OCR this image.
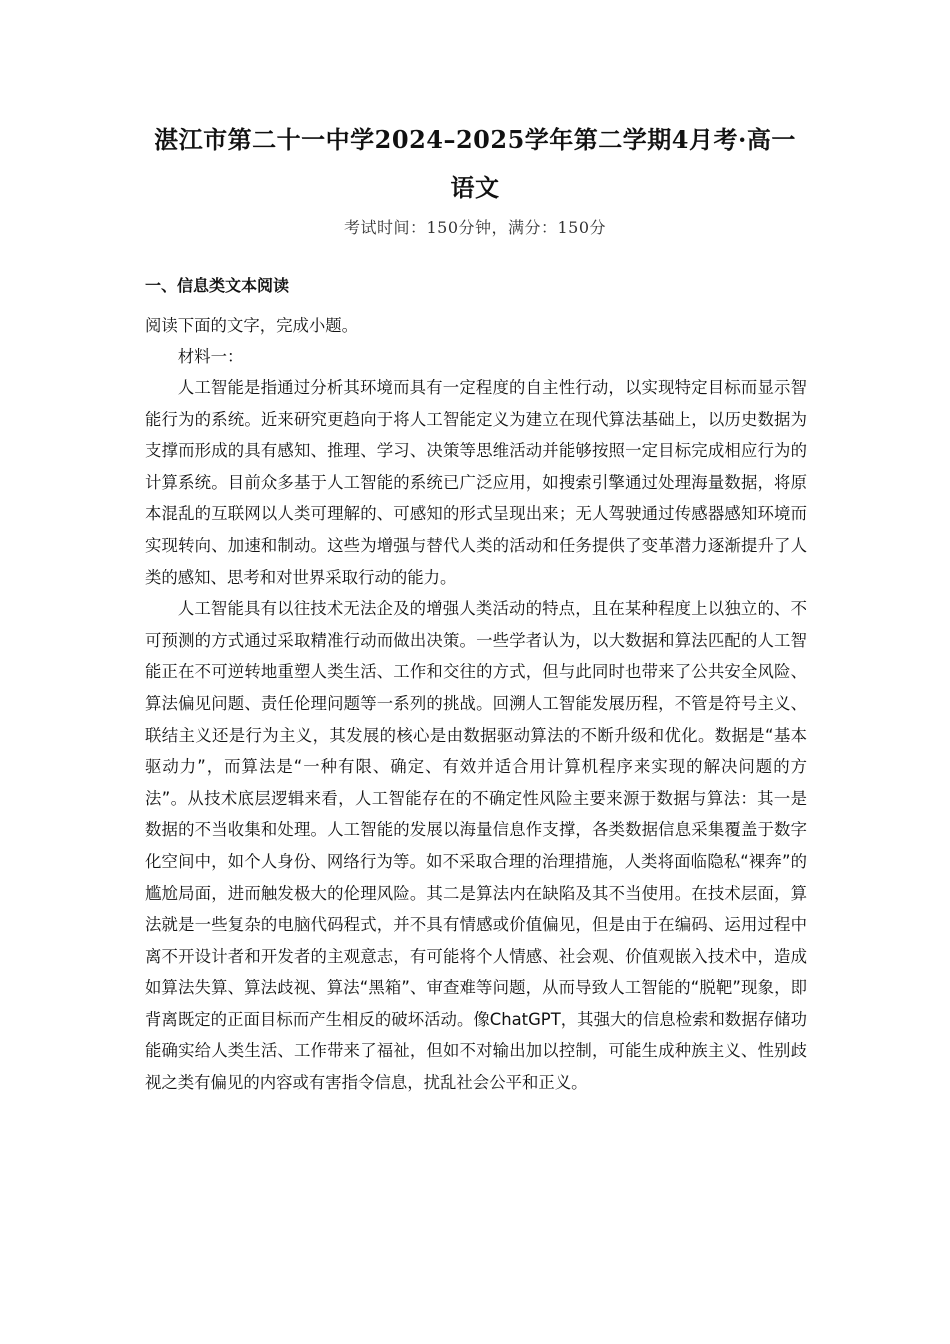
湛江市第二十一中学2024–2025学年第二学期4月考·高一
语文
考试时间：150分钟，满分：150分

一、信息类文本阅读

阅读下面的文字，完成小题。

材料一：

人工智能是指通过分析其环境而具有一定程度的自主性行动，以实现特定目标而显示智能行为的系统。近来研究更趋向于将人工智能定义为建立在现代算法基础上，以历史数据为支撑而形成的具有感知、推理、学习、决策等思维活动并能够按照一定目标完成相应行为的计算系统。目前众多基于人工智能的系统已广泛应用，如搜索引擎通过处理海量数据，将原本混乱的互联网以人类可理解的、可感知的形式呈现出来；无人驾驶通过传感器感知环境而实现转向、加速和制动。这些为增强与替代人类的活动和任务提供了变革潜力逐渐提升了人类的感知、思考和对世界采取行动的能力。

人工智能具有以往技术无法企及的增强人类活动的特点，且在某种程度上以独立的、不可预测的方式通过采取精准行动而做出决策。一些学者认为，以大数据和算法匹配的人工智能正在不可逆转地重塑人类生活、工作和交往的方式，但与此同时也带来了公共安全风险、算法偏见问题、责任伦理问题等一系列的挑战。回溯人工智能发展历程，不管是符号主义、联结主义还是行为主义，其发展的核心是由数据驱动算法的不断升级和优化。数据是“基本驱动力”，而算法是“一种有限、确定、有效并适合用计算机程序来实现的解决问题的方法”。从技术底层逻辑来看，人工智能存在的不确定性风险主要来源于数据与算法：其一是数据的不当收集和处理。人工智能的发展以海量信息作支撑，各类数据信息采集覆盖于数字化空间中，如个人身份、网络行为等。如不采取合理的治理措施，人类将面临隐私“裸奔”的尴尬局面，进而触发极大的伦理风险。其二是算法内在缺陷及其不当使用。在技术层面，算法就是一些复杂的电脑代码程式，并不具有情感或价值偏见，但是由于在编码、运用过程中离不开设计者和开发者的主观意志，有可能将个人情感、社会观、价值观嵌入技术中，造成如算法失算、算法歧视、算法“黑箱”、审查难等问题，从而导致人工智能的“脱靶”现象，即背离既定的正面目标而产生相反的破坏活动。像ChatGPT，其强大的信息检索和数据存储功能确实给人类生活、工作带来了福祉，但如不对输出加以控制，可能生成种族主义、性别歧视之类有偏见的内容或有害指令信息，扰乱社会公平和正义。
